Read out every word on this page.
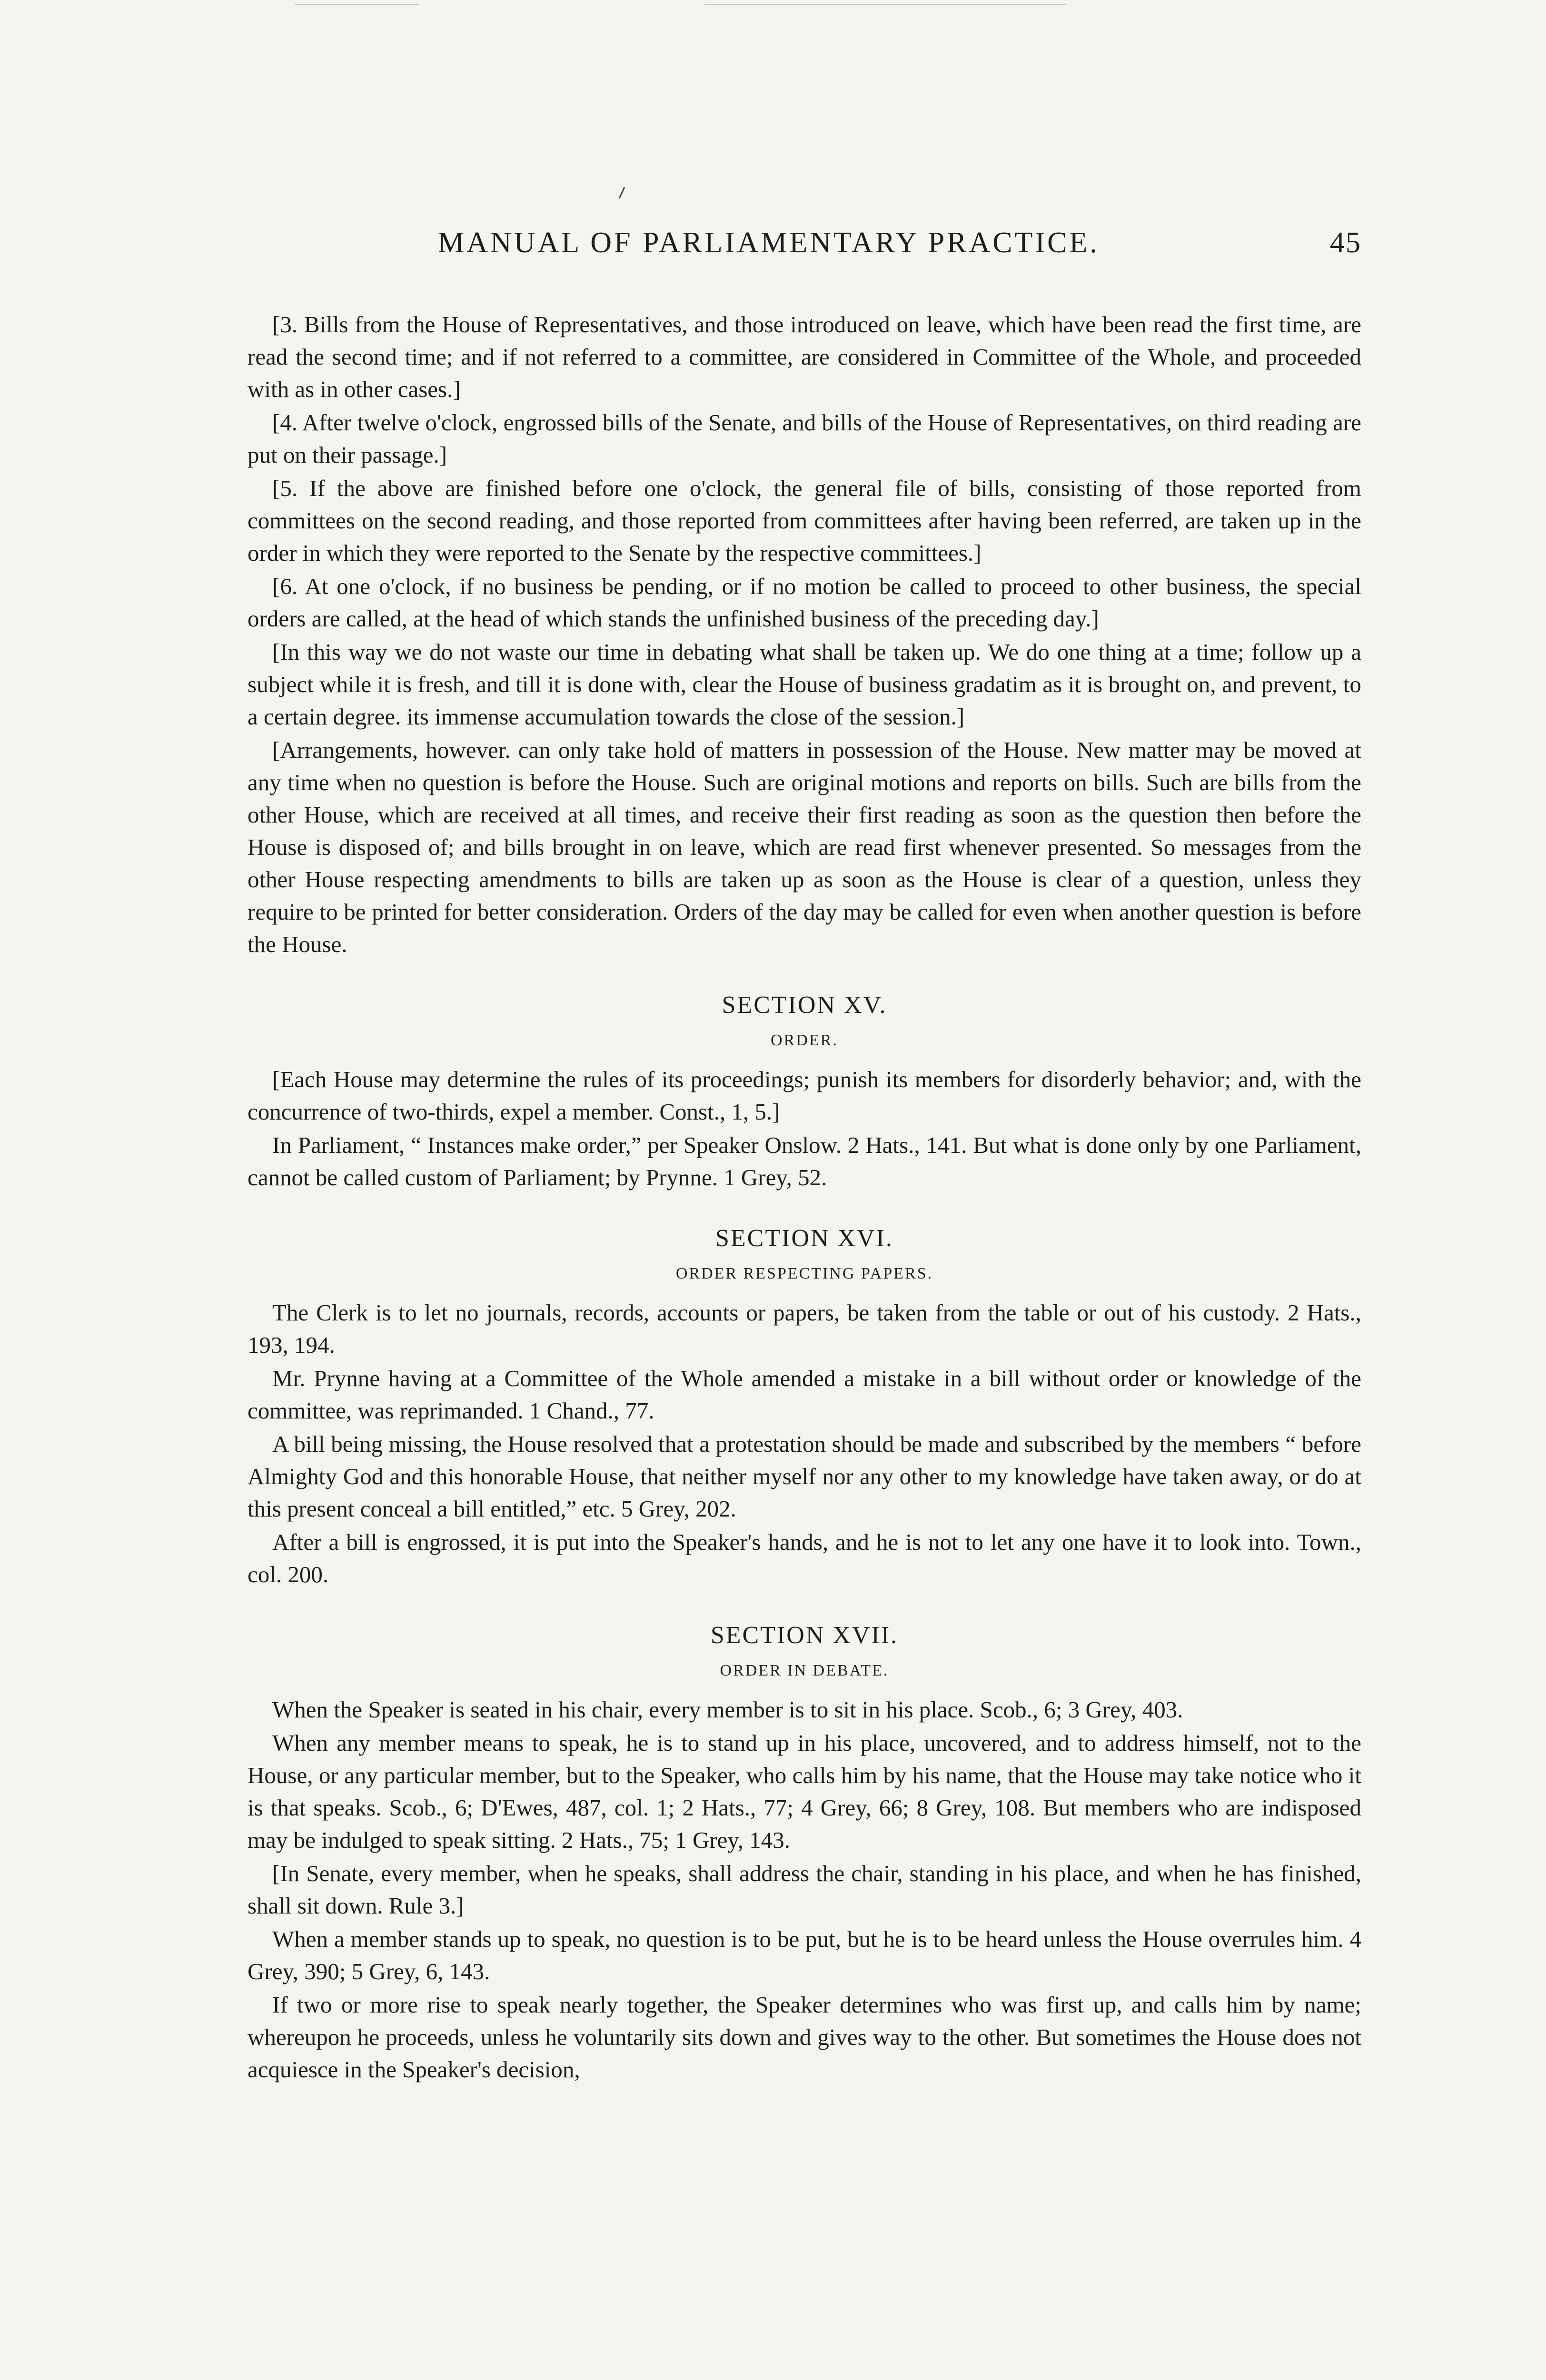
MANUAL OF PARLIAMENTARY PRACTICE.	45

[3. Bills from the House of Representatives, and those introduced on leave, which have been read the first time, are read the second time; and if not referred to a committee, are considered in Committee of the Whole, and proceeded with as in other cases.]

[4. After twelve o'clock, engrossed bills of the Senate, and bills of the House of Representatives, on third reading are put on their passage.]

[5. If the above are finished before one o'clock, the general file of bills, consisting of those reported from committees on the second reading, and those reported from committees after having been referred, are taken up in the order in which they were reported to the Senate by the respective committees.]

[6. At one o'clock, if no business be pending, or if no motion be called to proceed to other business, the special orders are called, at the head of which stands the unfinished business of the preceding day.]

[In this way we do not waste our time in debating what shall be taken up. We do one thing at a time; follow up a subject while it is fresh, and till it is done with, clear the House of business gradatim as it is brought on, and prevent, to a certain degree. its immense accumulation towards the close of the session.]

[Arrangements, however. can only take hold of matters in possession of the House. New matter may be moved at any time when no question is before the House. Such are original motions and reports on bills. Such are bills from the other House, which are received at all times, and receive their first reading as soon as the question then before the House is disposed of; and bills brought in on leave, which are read first whenever presented. So messages from the other House respecting amendments to bills are taken up as soon as the House is clear of a question, unless they require to be printed for better consideration. Orders of the day may be called for even when another question is before the House.

SECTION XV.
ORDER.

[Each House may determine the rules of its proceedings; punish its members for disorderly behavior; and, with the concurrence of two-thirds, expel a member. Const., 1, 5.]

In Parliament, “ Instances make order,” per Speaker Onslow. 2 Hats., 141. But what is done only by one Parliament, cannot be called custom of Parliament; by Prynne. 1 Grey, 52.

SECTION XVI.
ORDER RESPECTING PAPERS.

The Clerk is to let no journals, records, accounts or papers, be taken from the table or out of his custody. 2 Hats., 193, 194.

Mr. Prynne having at a Committee of the Whole amended a mistake in a bill without order or knowledge of the committee, was reprimanded. 1 Chand., 77.

A bill being missing, the House resolved that a protestation should be made and subscribed by the members “ before Almighty God and this honorable House, that neither myself nor any other to my knowledge have taken away, or do at this present conceal a bill entitled,” etc. 5 Grey, 202.

After a bill is engrossed, it is put into the Speaker's hands, and he is not to let any one have it to look into. Town., col. 200.

SECTION XVII.
ORDER IN DEBATE.

When the Speaker is seated in his chair, every member is to sit in his place. Scob., 6; 3 Grey, 403.

When any member means to speak, he is to stand up in his place, uncovered, and to address himself, not to the House, or any particular member, but to the Speaker, who calls him by his name, that the House may take notice who it is that speaks. Scob., 6; D'Ewes, 487, col. 1; 2 Hats., 77; 4 Grey, 66; 8 Grey, 108. But members who are indisposed may be indulged to speak sitting. 2 Hats., 75; 1 Grey, 143.

[In Senate, every member, when he speaks, shall address the chair, standing in his place, and when he has finished, shall sit down. Rule 3.]

When a member stands up to speak, no question is to be put, but he is to be heard unless the House overrules him. 4 Grey, 390; 5 Grey, 6, 143.

If two or more rise to speak nearly together, the Speaker determines who was first up, and calls him by name; whereupon he proceeds, unless he voluntarily sits down and gives way to the other. But sometimes the House does not acquiesce in the Speaker's decision,
